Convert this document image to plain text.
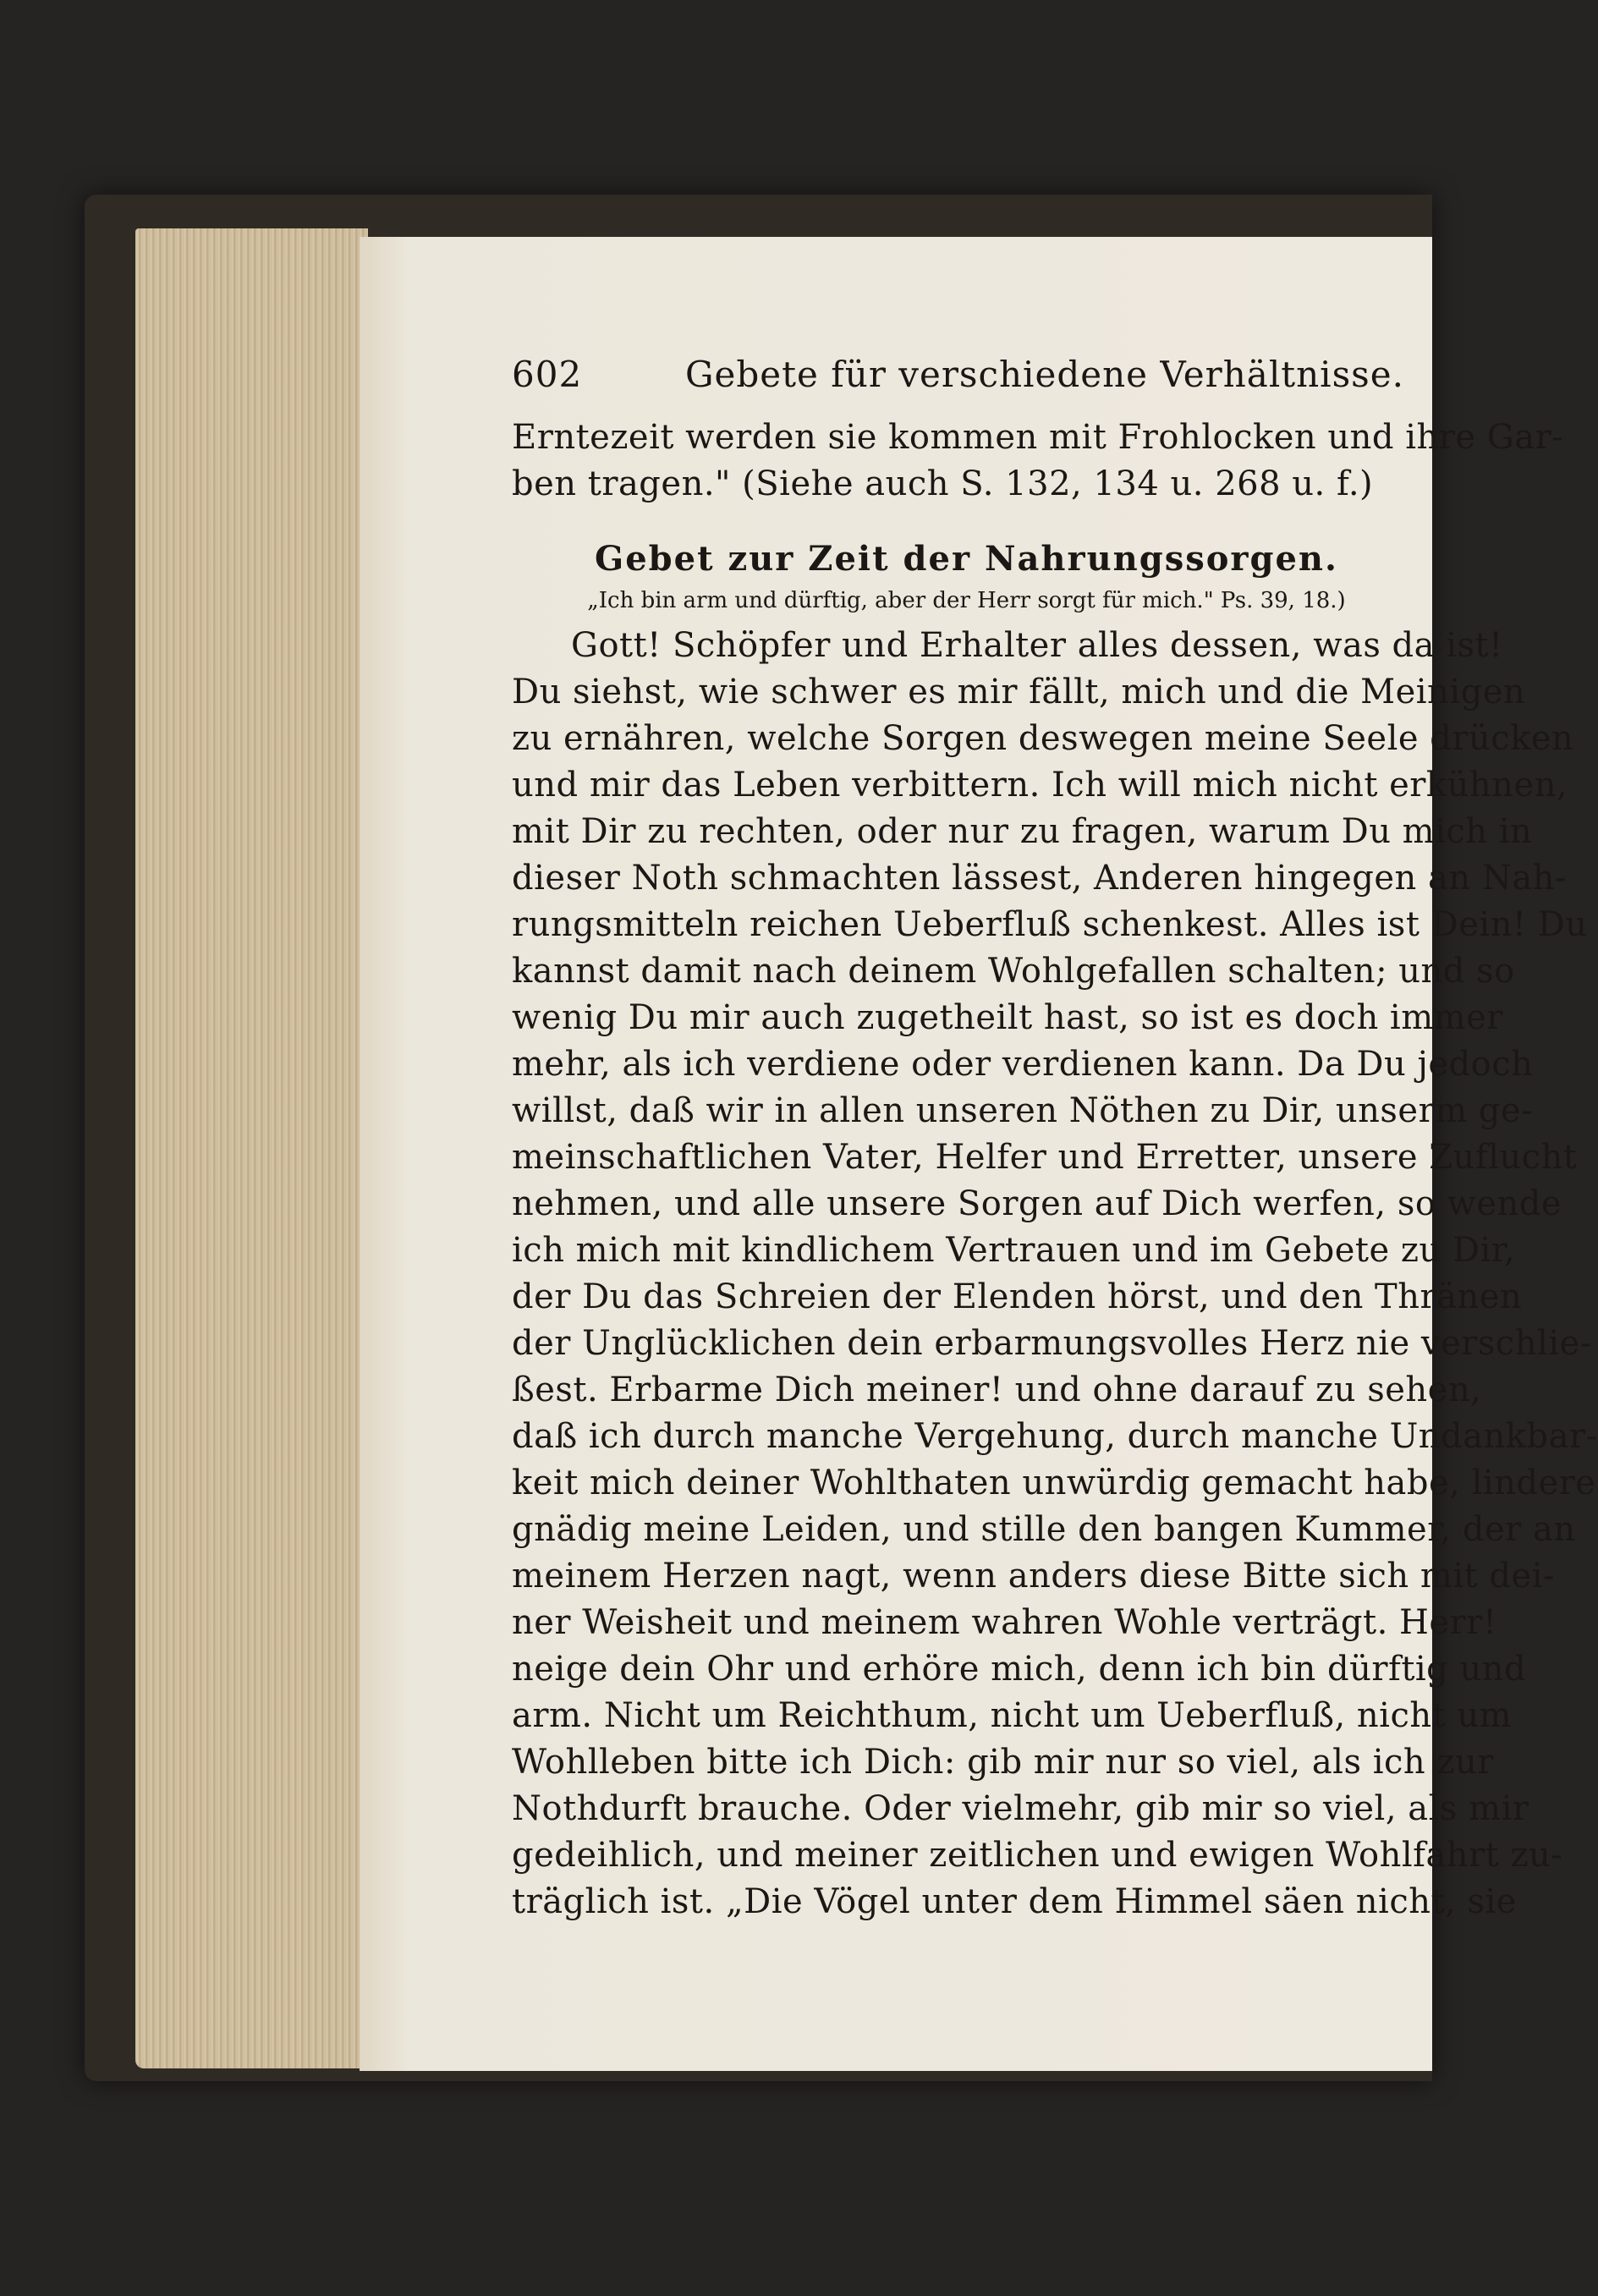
602	Gebete für verschiedene Verhältnisse.
Erntezeit werden sie kommen mit Frohlocken und ihre Gar-
ben tragen." (Siehe auch S. 132, 134 u. 268 u. f.)
Gebet zur Zeit der Nahrungssorgen.
„Ich bin arm und dürftig, aber der Herr sorgt für mich." Ps. 39, 18.)
Gott! Schöpfer und Erhalter alles dessen, was da ist!
Du siehst, wie schwer es mir fällt, mich und die Meinigen
zu ernähren, welche Sorgen deswegen meine Seele drücken
und mir das Leben verbittern. Ich will mich nicht erkühnen,
mit Dir zu rechten, oder nur zu fragen, warum Du mich in
dieser Noth schmachten lässest, Anderen hingegen an Nah-
rungsmitteln reichen Ueberfluß schenkest. Alles ist Dein! Du
kannst damit nach deinem Wohlgefallen schalten; und so
wenig Du mir auch zugetheilt hast, so ist es doch immer
mehr, als ich verdiene oder verdienen kann. Da Du jedoch
willst, daß wir in allen unseren Nöthen zu Dir, unserm ge-
meinschaftlichen Vater, Helfer und Erretter, unsere Zuflucht
nehmen, und alle unsere Sorgen auf Dich werfen, so wende
ich mich mit kindlichem Vertrauen und im Gebete zu Dir,
der Du das Schreien der Elenden hörst, und den Thränen
der Unglücklichen dein erbarmungsvolles Herz nie verschlie-
ßest. Erbarme Dich meiner! und ohne darauf zu sehen,
daß ich durch manche Vergehung, durch manche Undankbar-
keit mich deiner Wohlthaten unwürdig gemacht habe, lindere
gnädig meine Leiden, und stille den bangen Kummer, der an
meinem Herzen nagt, wenn anders diese Bitte sich mit dei-
ner Weisheit und meinem wahren Wohle verträgt. Herr!
neige dein Ohr und erhöre mich, denn ich bin dürftig und
arm. Nicht um Reichthum, nicht um Ueberfluß, nicht um
Wohlleben bitte ich Dich: gib mir nur so viel, als ich zur
Nothdurft brauche. Oder vielmehr, gib mir so viel, als mir
gedeihlich, und meiner zeitlichen und ewigen Wohlfahrt zu-
träglich ist. „Die Vögel unter dem Himmel säen nicht, sie
